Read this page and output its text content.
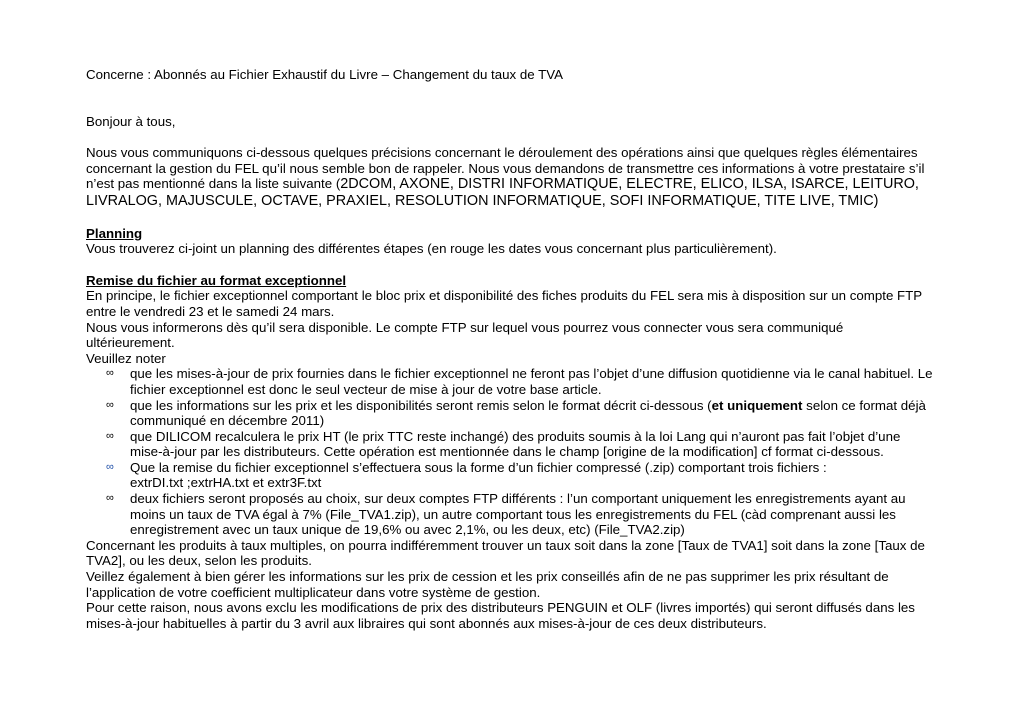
Concerne : Abonnés au Fichier Exhaustif du Livre – Changement du taux de TVA
Bonjour à tous,
Nous vous communiquons ci-dessous quelques précisions concernant le déroulement des opérations ainsi que quelques règles élémentaires
concernant la gestion du FEL qu’il nous semble bon de rappeler. Nous vous demandons de transmettre ces informations à votre prestataire s’il
n’est pas mentionné dans la liste suivante (2DCOM, AXONE, DISTRI INFORMATIQUE, ELECTRE, ELICO, ILSA, ISARCE, LEITURO,
LIVRALOG, MAJUSCULE, OCTAVE, PRAXIEL, RESOLUTION INFORMATIQUE, SOFI INFORMATIQUE, TITE LIVE, TMIC)
Planning
Vous trouverez ci-joint un planning des différentes étapes (en rouge les dates vous concernant plus particulièrement).
Remise du fichier au format exceptionnel
En principe, le fichier exceptionnel comportant le bloc prix et disponibilité des fiches produits du FEL sera mis à disposition sur un compte FTP
entre le vendredi 23 et le samedi 24 mars.
Nous vous informerons dès qu’il sera disponible. Le compte FTP sur lequel vous pourrez vous connecter vous sera communiqué
ultérieurement.
Veuillez noter
∞ que les mises-à-jour de prix fournies dans le fichier exceptionnel ne feront pas l’objet d’une diffusion quotidienne via le canal habituel. Le
fichier exceptionnel est donc le seul vecteur de mise à jour de votre base article.
∞ que les informations sur les prix et les disponibilités seront remis selon le format décrit ci-dessous (et uniquement selon ce format déjà
communiqué en décembre 2011)
∞ que DILICOM recalculera le prix HT (le prix TTC reste inchangé) des produits soumis à la loi Lang qui n’auront pas fait l’objet d’une
mise-à-jour par les distributeurs. Cette opération est mentionnée dans le champ [origine de la modification] cf format ci-dessous.
∞ Que la remise du fichier exceptionnel s’effectuera sous la forme d’un fichier compressé (.zip) comportant trois fichiers :
extrDI.txt ;extrHA.txt et extr3F.txt
∞ deux fichiers seront proposés au choix, sur deux comptes FTP différents : l’un comportant uniquement les enregistrements ayant au
moins un taux de TVA égal à 7% (File_TVA1.zip), un autre comportant tous les enregistrements du FEL (càd comprenant aussi les
enregistrement avec un taux unique de 19,6% ou avec 2,1%, ou les deux, etc) (File_TVA2.zip)
Concernant les produits à taux multiples, on pourra indifféremment trouver un taux soit dans la zone [Taux de TVA1] soit dans la zone [Taux de
TVA2], ou les deux, selon les produits.
Veillez également à bien gérer les informations sur les prix de cession et les prix conseillés afin de ne pas supprimer les prix résultant de
l’application de votre coefficient multiplicateur dans votre système de gestion.
Pour cette raison, nous avons exclu les modifications de prix des distributeurs PENGUIN et OLF (livres importés) qui seront diffusés dans les
mises-à-jour habituelles à partir du 3 avril aux libraires qui sont abonnés aux mises-à-jour de ces deux distributeurs.
